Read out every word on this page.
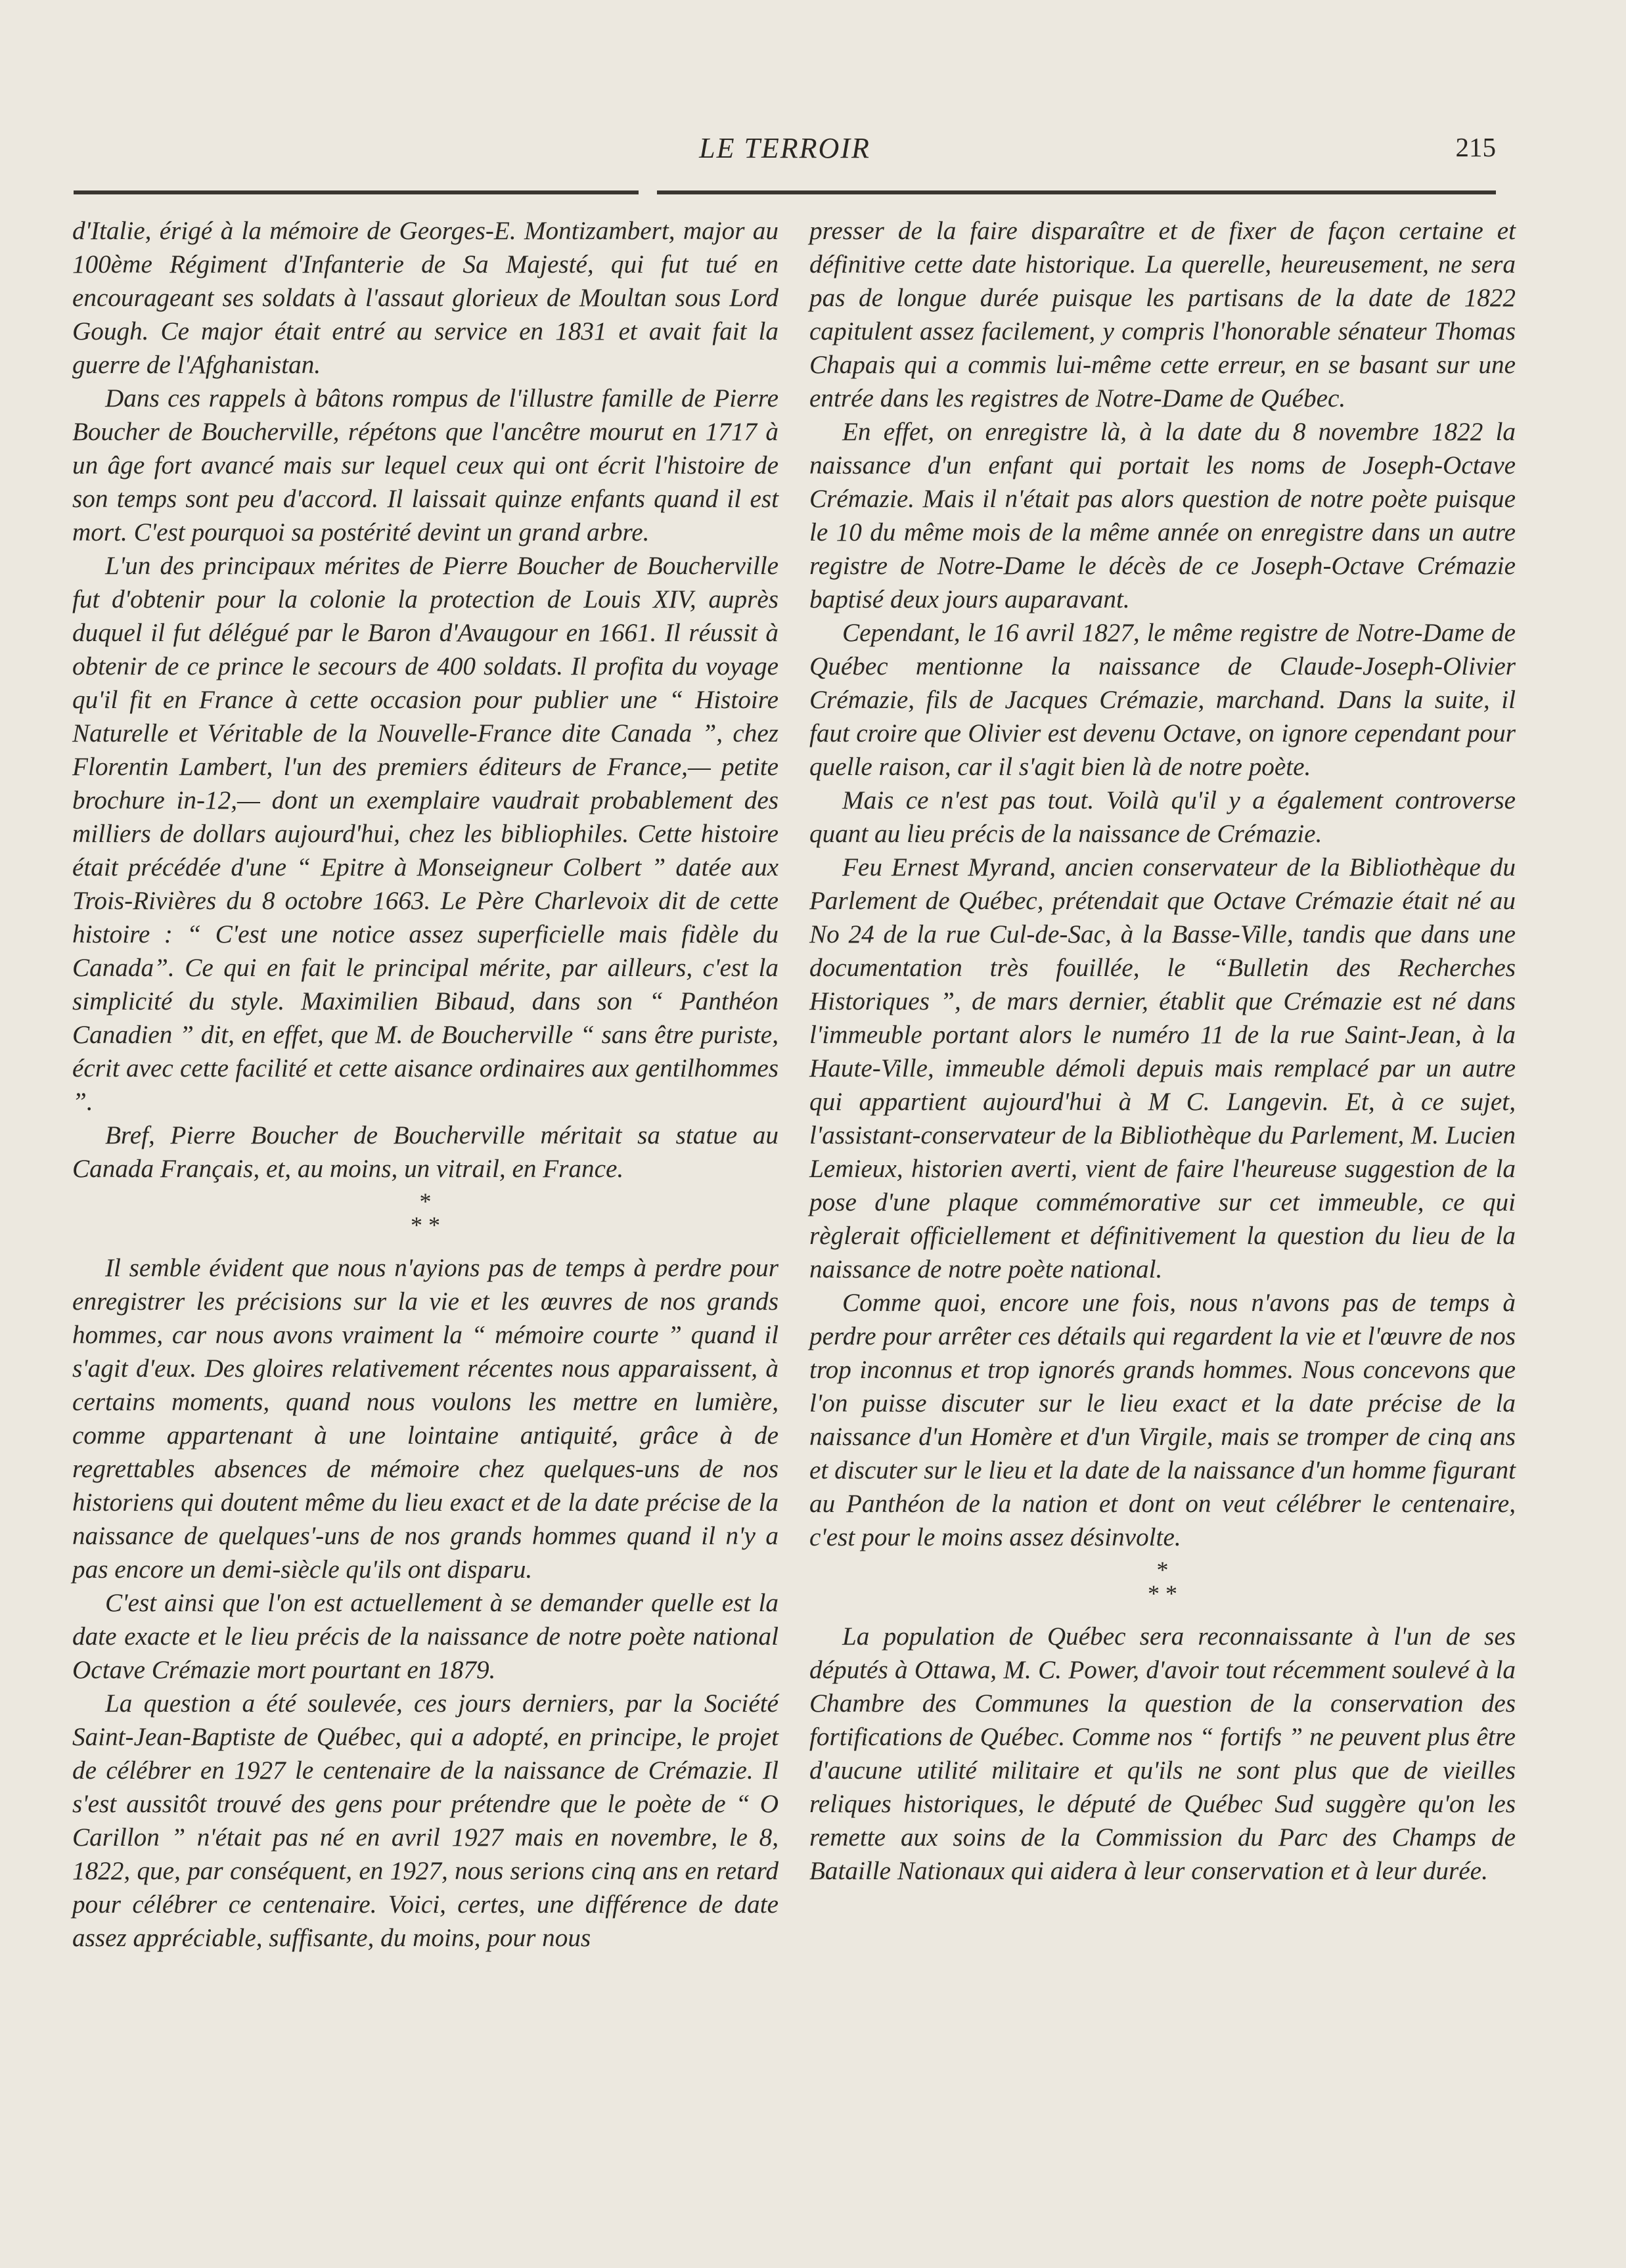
LE TERROIR	215

d'Italie, érigé à la mémoire de Georges-E. Montizambert, major au 100ème Régiment d'Infanterie de Sa Majesté, qui fut tué en encourageant ses soldats à l'assaut glorieux de Moultan sous Lord Gough. Ce major était entré au service en 1831 et avait fait la guerre de l'Afghanistan.

Dans ces rappels à bâtons rompus de l'illustre famille de Pierre Boucher de Boucherville, répétons que l'ancêtre mourut en 1717 à un âge fort avancé mais sur lequel ceux qui ont écrit l'histoire de son temps sont peu d'accord. Il laissait quinze enfants quand il est mort. C'est pourquoi sa postérité devint un grand arbre.

L'un des principaux mérites de Pierre Boucher de Boucherville fut d'obtenir pour la colonie la protection de Louis XIV, auprès duquel il fut délégué par le Baron d'Avaugour en 1661. Il réussit à obtenir de ce prince le secours de 400 soldats. Il profita du voyage qu'il fit en France à cette occasion pour publier une “ Histoire Naturelle et Véritable de la Nouvelle-France dite Canada ”, chez Florentin Lambert, l'un des premiers éditeurs de France,— petite brochure in-12,— dont un exemplaire vaudrait probablement des milliers de dollars aujourd'hui, chez les bibliophiles. Cette histoire était précédée d'une “ Epitre à Monseigneur Colbert ” datée aux Trois-Rivières du 8 octobre 1663. Le Père Charlevoix dit de cette histoire : “ C'est une notice assez superficielle mais fidèle du Canada”. Ce qui en fait le principal mérite, par ailleurs, c'est la simplicité du style. Maximilien Bibaud, dans son “ Panthéon Canadien ” dit, en effet, que M. de Boucherville “ sans être puriste, écrit avec cette facilité et cette aisance ordinaires aux gentilhommes ”.

Bref, Pierre Boucher de Boucherville méritait sa statue au Canada Français, et, au moins, un vitrail, en France.

*
* *

Il semble évident que nous n'ayions pas de temps à perdre pour enregistrer les précisions sur la vie et les œuvres de nos grands hommes, car nous avons vraiment la “ mémoire courte ” quand il s'agit d'eux. Des gloires relativement récentes nous apparaissent, à certains moments, quand nous voulons les mettre en lumière, comme appartenant à une lointaine antiquité, grâce à de regrettables absences de mémoire chez quelques-uns de nos historiens qui doutent même du lieu exact et de la date précise de la naissance de quelques'-uns de nos grands hommes quand il n'y a pas encore un demi-siècle qu'ils ont disparu.

C'est ainsi que l'on est actuellement à se demander quelle est la date exacte et le lieu précis de la naissance de notre poète national Octave Crémazie mort pourtant en 1879.

La question a été soulevée, ces jours derniers, par la Société Saint-Jean-Baptiste de Québec, qui a adopté, en principe, le projet de célébrer en 1927 le centenaire de la naissance de Crémazie. Il s'est aussitôt trouvé des gens pour prétendre que le poète de “ O Carillon ” n'était pas né en avril 1927 mais en novembre, le 8, 1822, que, par conséquent, en 1927, nous serions cinq ans en retard pour célébrer ce centenaire. Voici, certes, une différence de date assez appréciable, suffisante, du moins, pour nous

presser de la faire disparaître et de fixer de façon certaine et définitive cette date historique. La querelle, heureusement, ne sera pas de longue durée puisque les partisans de la date de 1822 capitulent assez facilement, y compris l'honorable sénateur Thomas Chapais qui a commis lui-même cette erreur, en se basant sur une entrée dans les registres de Notre-Dame de Québec.

En effet, on enregistre là, à la date du 8 novembre 1822 la naissance d'un enfant qui portait les noms de Joseph-Octave Crémazie. Mais il n'était pas alors question de notre poète puisque le 10 du même mois de la même année on enregistre dans un autre registre de Notre-Dame le décès de ce Joseph-Octave Crémazie baptisé deux jours auparavant.

Cependant, le 16 avril 1827, le même registre de Notre-Dame de Québec mentionne la naissance de Claude-Joseph-Olivier Crémazie, fils de Jacques Crémazie, marchand. Dans la suite, il faut croire que Olivier est devenu Octave, on ignore cependant pour quelle raison, car il s'agit bien là de notre poète.

Mais ce n'est pas tout. Voilà qu'il y a également controverse quant au lieu précis de la naissance de Crémazie.

Feu Ernest Myrand, ancien conservateur de la Bibliothèque du Parlement de Québec, prétendait que Octave Crémazie était né au No 24 de la rue Cul-de-Sac, à la Basse-Ville, tandis que dans une documentation très fouillée, le “Bulletin des Recherches Historiques ”, de mars dernier, établit que Crémazie est né dans l'immeuble portant alors le numéro 11 de la rue Saint-Jean, à la Haute-Ville, immeuble démoli depuis mais remplacé par un autre qui appartient aujourd'hui à M C. Langevin. Et, à ce sujet, l'assistant-conservateur de la Bibliothèque du Parlement, M. Lucien Lemieux, historien averti, vient de faire l'heureuse suggestion de la pose d'une plaque commémorative sur cet immeuble, ce qui règlerait officiellement et définitivement la question du lieu de la naissance de notre poète national.

Comme quoi, encore une fois, nous n'avons pas de temps à perdre pour arrêter ces détails qui regardent la vie et l'œuvre de nos trop inconnus et trop ignorés grands hommes. Nous concevons que l'on puisse discuter sur le lieu exact et la date précise de la naissance d'un Homère et d'un Virgile, mais se tromper de cinq ans et discuter sur le lieu et la date de la naissance d'un homme figurant au Panthéon de la nation et dont on veut célébrer le centenaire, c'est pour le moins assez désinvolte.

*
* *

La population de Québec sera reconnaissante à l'un de ses députés à Ottawa, M. C. Power, d'avoir tout récemment soulevé à la Chambre des Communes la question de la conservation des fortifications de Québec. Comme nos “ fortifs ” ne peuvent plus être d'aucune utilité militaire et qu'ils ne sont plus que de vieilles reliques historiques, le député de Québec Sud suggère qu'on les remette aux soins de la Commission du Parc des Champs de Bataille Nationaux qui aidera à leur conservation et à leur durée.
